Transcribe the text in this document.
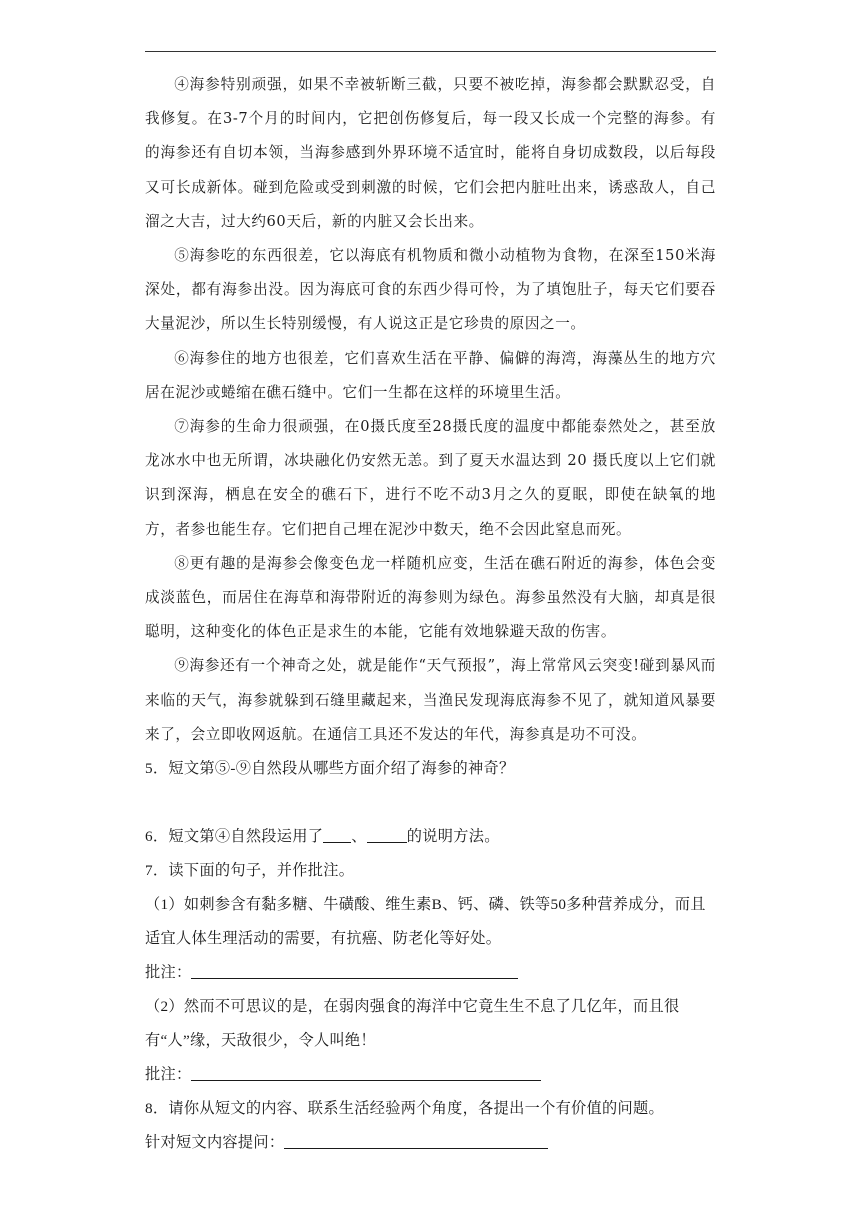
④海参特别顽强，如果不幸被斩断三截，只要不被吃掉，海参都会默默忍受，自我修复。在3-7个月的时间内，它把创伤修复后，每一段又长成一个完整的海参。有的海参还有自切本领，当海参感到外界环境不适宜时，能将自身切成数段，以后每段又可长成新体。碰到危险或受到刺激的时候，它们会把内脏吐出来，诱惑敌人，自己溜之大吉，过大约60天后，新的内脏又会长出来。

⑤海参吃的东西很差，它以海底有机物质和微小动植物为食物，在深至150米海深处，都有海参出没。因为海底可食的东西少得可怜，为了填饱肚子，每天它们要吞大量泥沙，所以生长特别缓慢，有人说这正是它珍贵的原因之一。

⑥海参住的地方也很差，它们喜欢生活在平静、偏僻的海湾，海藻丛生的地方穴居在泥沙或蜷缩在礁石缝中。它们一生都在这样的环境里生活。

⑦海参的生命力很顽强，在0摄氏度至28摄氏度的温度中都能泰然处之，甚至放龙冰水中也无所谓，冰块融化仍安然无恙。到了夏天水温达到 20 摄氏度以上它们就识到深海，栖息在安全的礁石下，进行不吃不动3月之久的夏眠，即使在缺氧的地方，者参也能生存。它们把自己埋在泥沙中数天，绝不会因此窒息而死。

⑧更有趣的是海参会像变色龙一样随机应变，生活在礁石附近的海参，体色会变成淡蓝色，而居住在海草和海带附近的海参则为绿色。海参虽然没有大脑，却真是很聪明，这种变化的体色正是求生的本能，它能有效地躲避天敌的伤害。

⑨海参还有一个神奇之处，就是能作“天气预报”，海上常常风云突变!碰到暴风而来临的天气，海参就躲到石缝里藏起来，当渔民发现海底海参不见了，就知道风暴要来了，会立即收网返航。在通信工具还不发达的年代，海参真是功不可没。

5．短文第⑤-⑨自然段从哪些方面介绍了海参的神奇？

6．短文第④自然段运用了 、	的说明方法。

7．读下面的句子，并作批注。

（1）如刺参含有黏多糖、牛磺酸、维生素B、钙、磷、铁等50多种营养成分，而且适宜人体生理活动的需要，有抗癌、防老化等好处。

批注：

（2）然而不可思议的是，在弱肉强食的海洋中它竟生生不息了几亿年，而且很有“人”缘，天敌很少，令人叫绝！

批注：

8．请你从短文的内容、联系生活经验两个角度，各提出一个有价值的问题。

针对短文内容提问：
